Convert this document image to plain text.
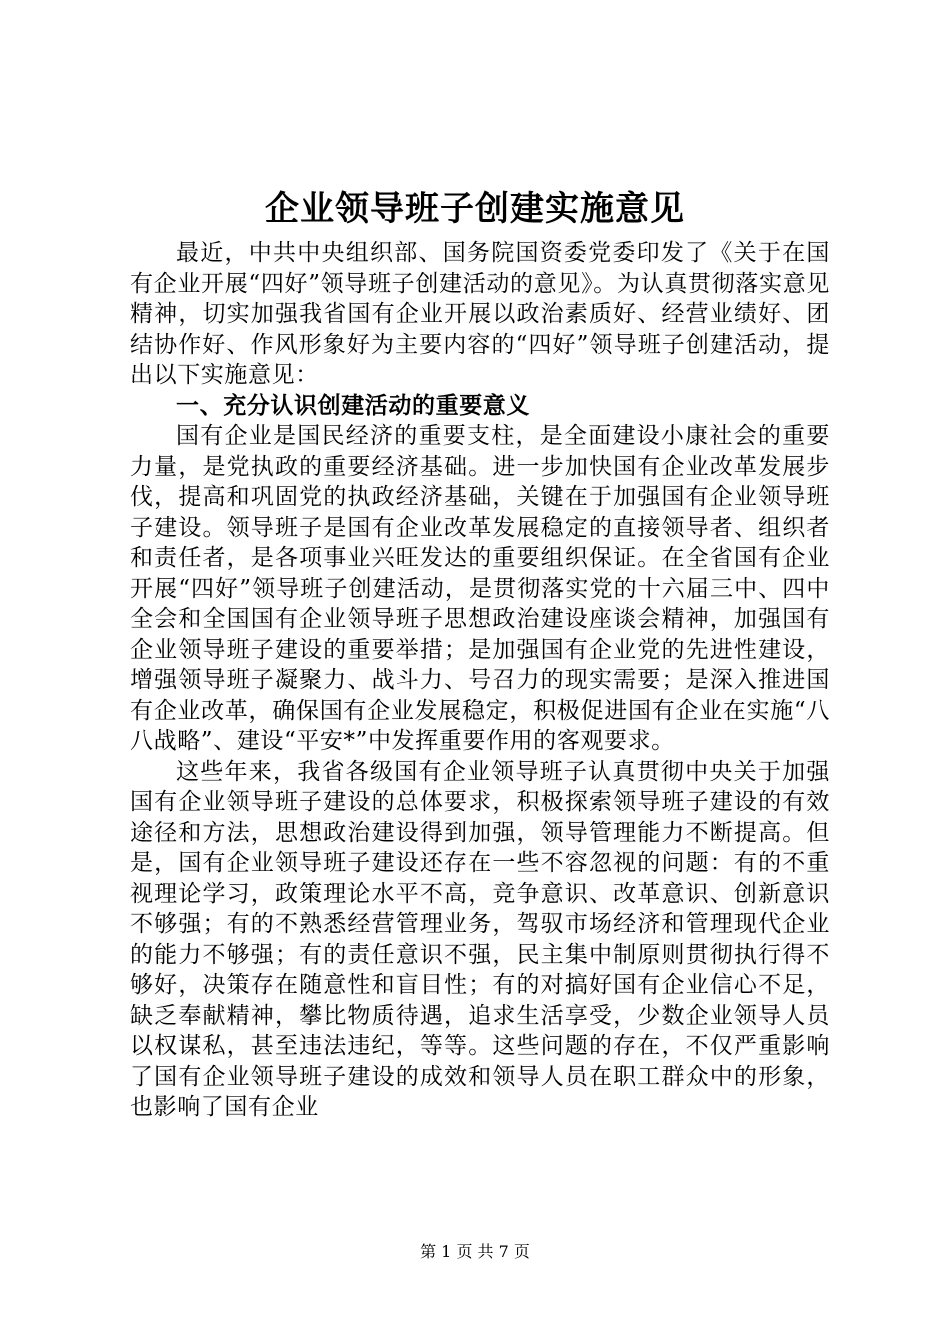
企业领导班子创建实施意见

最近，中共中央组织部、国务院国资委党委印发了《关于在国有企业开展“四好”领导班子创建活动的意见》。为认真贯彻落实意见精神，切实加强我省国有企业开展以政治素质好、经营业绩好、团结协作好、作风形象好为主要内容的“四好”领导班子创建活动，提出以下实施意见：

一、充分认识创建活动的重要意义

国有企业是国民经济的重要支柱，是全面建设小康社会的重要力量，是党执政的重要经济基础。进一步加快国有企业改革发展步伐，提高和巩固党的执政经济基础，关键在于加强国有企业领导班子建设。领导班子是国有企业改革发展稳定的直接领导者、组织者和责任者，是各项事业兴旺发达的重要组织保证。在全省国有企业开展“四好”领导班子创建活动，是贯彻落实党的十六届三中、四中全会和全国国有企业领导班子思想政治建设座谈会精神，加强国有企业领导班子建设的重要举措；是加强国有企业党的先进性建设，增强领导班子凝聚力、战斗力、号召力的现实需要；是深入推进国有企业改革，确保国有企业发展稳定，积极促进国有企业在实施“八八战略”、建设“平安*”中发挥重要作用的客观要求。

这些年来，我省各级国有企业领导班子认真贯彻中央关于加强国有企业领导班子建设的总体要求，积极探索领导班子建设的有效途径和方法，思想政治建设得到加强，领导管理能力不断提高。但是，国有企业领导班子建设还存在一些不容忽视的问题：有的不重视理论学习，政策理论水平不高，竞争意识、改革意识、创新意识不够强；有的不熟悉经营管理业务，驾驭市场经济和管理现代企业的能力不够强；有的责任意识不强，民主集中制原则贯彻执行得不够好，决策存在随意性和盲目性；有的对搞好国有企业信心不足，缺乏奉献精神，攀比物质待遇，追求生活享受，少数企业领导人员以权谋私，甚至违法违纪，等等。这些问题的存在，不仅严重影响了国有企业领导班子建设的成效和领导人员在职工群众中的形象，也影响了国有企业

第 1 页 共 7 页
